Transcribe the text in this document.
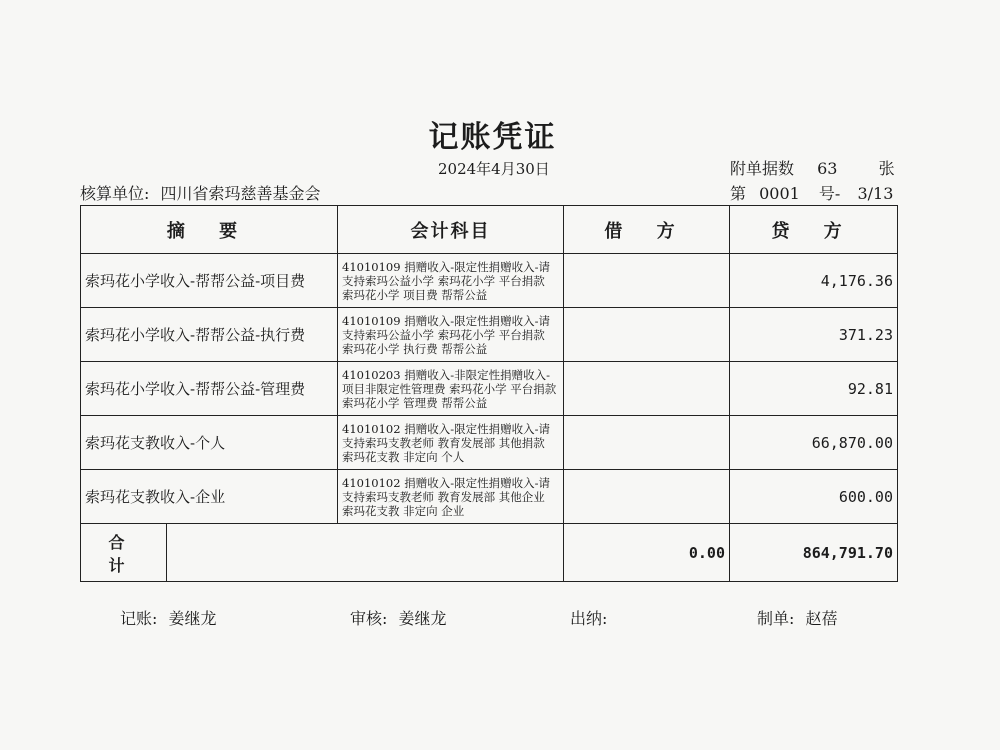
记账凭证
2024年4月30日	附单据数 63	张
核算单位: 四川省索玛慈善基金会	第 0001 号- 3/13
摘 要		会计科目	借 方	贷 方
索玛花小学收入-帮帮公益-项目费		41010109 捐赠收入-限定性捐赠收入-请支持索玛公益小学 索玛花小学 平台捐款 索玛花小学 项目费 帮帮公益		4,176.36
索玛花小学收入-帮帮公益-执行费		41010109 捐赠收入-限定性捐赠收入-请支持索玛公益小学 索玛花小学 平台捐款 索玛花小学 执行费 帮帮公益		371.23
索玛花小学收入-帮帮公益-管理费		41010203 捐赠收入-非限定性捐赠收入-项目非限定性管理费 索玛花小学 平台捐款 索玛花小学 管理费 帮帮公益		92.81
索玛花支教收入-个人		41010102 捐赠收入-限定性捐赠收入-请支持索玛支教老师 教育发展部 其他捐款 索玛花支教 非定向 个人		66,870.00
索玛花支教收入-企业		41010102 捐赠收入-限定性捐赠收入-请支持索玛支教老师 教育发展部 其他企业 索玛花支教 非定向 企业		600.00
合 计			0.00	864,791.70
记账: 姜继龙	审核: 姜继龙	出纳:	制单: 赵蓓
